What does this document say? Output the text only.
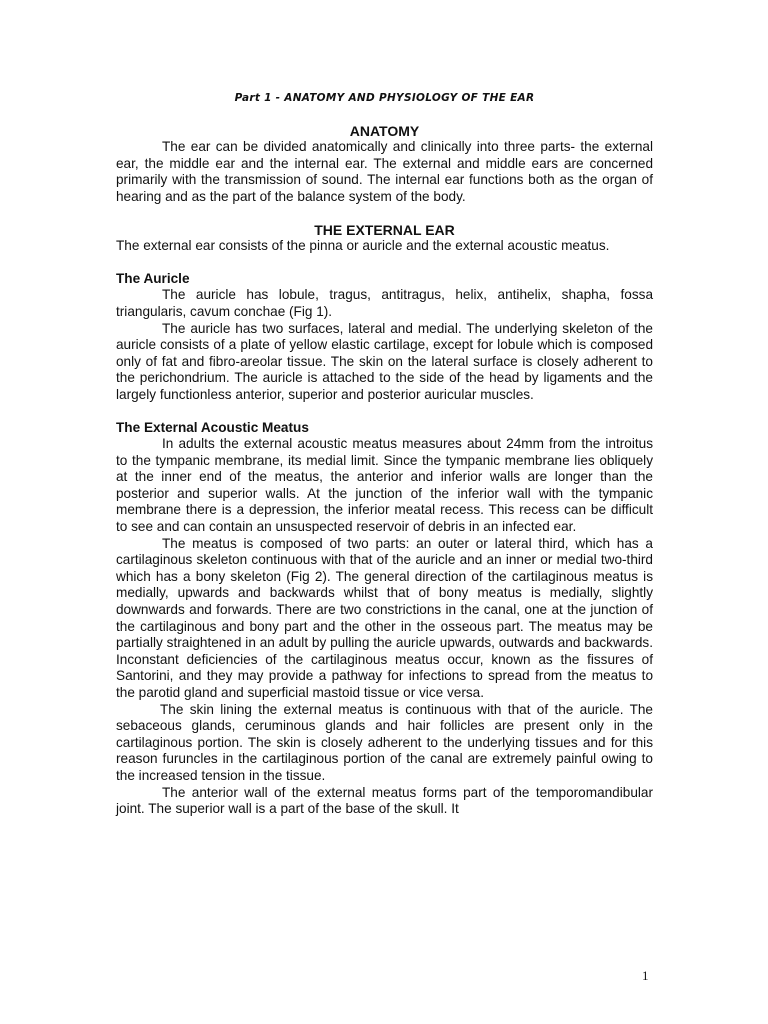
Part 1 - ANATOMY AND PHYSIOLOGY OF THE EAR
ANATOMY

The ear can be divided anatomically and clinically into three parts- the external ear, the middle ear and the internal ear. The external and middle ears are concerned primarily with the transmission of sound. The internal ear functions both as the organ of hearing and as the part of the balance system of the body.

THE EXTERNAL EAR

The external ear consists of the pinna or auricle and the external acoustic meatus.

The Auricle

The auricle has lobule, tragus, antitragus, helix, antihelix, shapha, fossa triangularis, cavum conchae (Fig 1).

The auricle has two surfaces, lateral and medial. The underlying skeleton of the auricle consists of a plate of yellow elastic cartilage, except for lobule which is composed only of fat and fibro-areolar tissue. The skin on the lateral surface is closely adherent to the perichondrium. The auricle is attached to the side of the head by ligaments and the largely functionless anterior, superior and posterior auricular muscles.

The External Acoustic Meatus

In adults the external acoustic meatus measures about 24mm from the introitus to the tympanic membrane, its medial limit. Since the tympanic membrane lies obliquely at the inner end of the meatus, the anterior and inferior walls are longer than the posterior and superior walls. At the junction of the inferior wall with the tympanic membrane there is a depression, the inferior meatal recess. This recess can be difficult to see and can contain an unsuspected reservoir of debris in an infected ear.

The meatus is composed of two parts: an outer or lateral third, which has a cartilaginous skeleton continuous with that of the auricle and an inner or medial two-third which has a bony skeleton (Fig 2). The general direction of the cartilaginous meatus is medially, upwards and backwards whilst that of bony meatus is medially, slightly downwards and forwards. There are two constrictions in the canal, one at the junction of the cartilaginous and bony part and the other in the osseous part. The meatus may be partially straightened in an adult by pulling the auricle upwards, outwards and backwards. Inconstant deficiencies of the cartilaginous meatus occur, known as the fissures of Santorini, and they may provide a pathway for infections to spread from the meatus to the parotid gland and superficial mastoid tissue or vice versa.

The skin lining the external meatus is continuous with that of the auricle. The sebaceous glands, ceruminous glands and hair follicles are present only in the cartilaginous portion. The skin is closely adherent to the underlying tissues and for this reason furuncles in the cartilaginous portion of the canal are extremely painful owing to the increased tension in the tissue.

The anterior wall of the external meatus forms part of the temporomandibular joint. The superior wall is a part of the base of the skull. It

1
